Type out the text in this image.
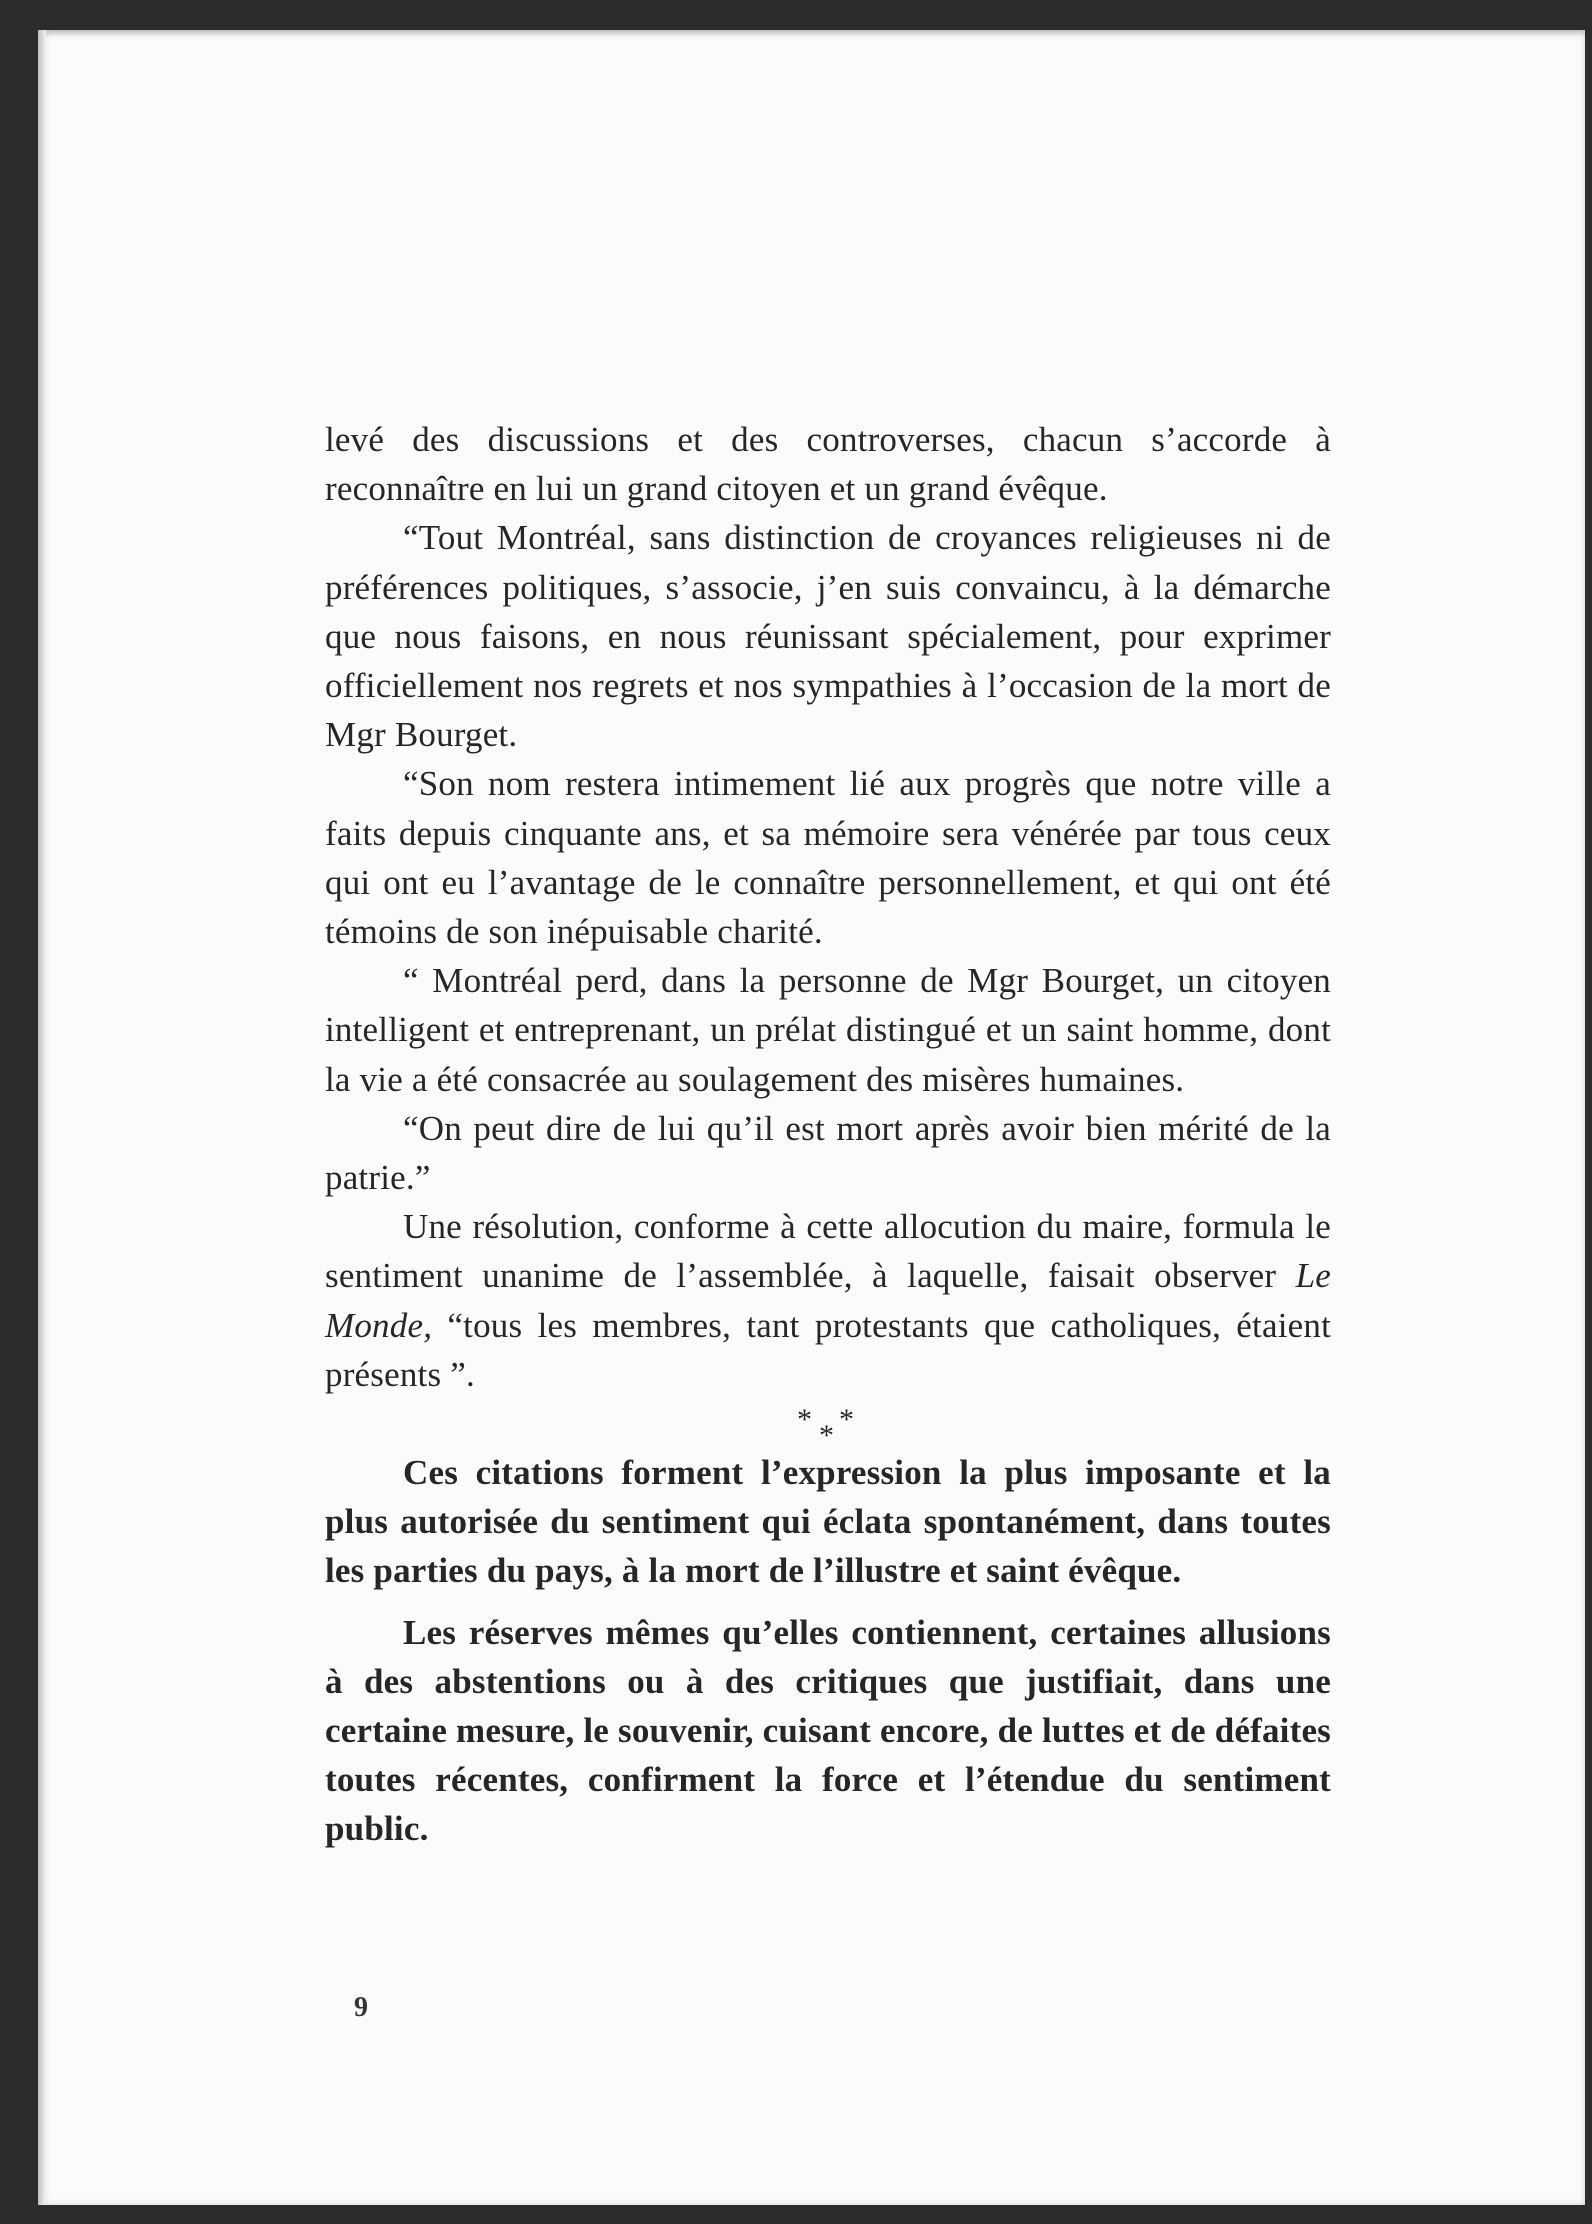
levé des discussions et des controverses, chacun s’accorde à reconnaître en lui un grand citoyen et un grand évêque.

“Tout Montréal, sans distinction de croyances religieuses ni de préférences politiques, s’associe, j’en suis convaincu, à la démarche que nous faisons, en nous réunissant spécialement, pour exprimer officiellement nos regrets et nos sympathies à l’occasion de la mort de Mgr Bourget.

“Son nom restera intimement lié aux progrès que notre ville a faits depuis cinquante ans, et sa mémoire sera vénérée par tous ceux qui ont eu l’avantage de le connaître personnellement, et qui ont été témoins de son inépuisable charité.

“ Montréal perd, dans la personne de Mgr Bourget, un citoyen intelligent et entreprenant, un prélat distingué et un saint homme, dont la vie a été consacrée au soulagement des misères humaines.

“On peut dire de lui qu’il est mort après avoir bien mérité de la patrie.”

Une résolution, conforme à cette allocution du maire, formula le sentiment unanime de l’assemblée, à laquelle, faisait observer Le Monde, “tous les membres, tant protestants que catholiques, étaient présents ”.

* * *

Ces citations forment l’expression la plus imposante et la plus autorisée du sentiment qui éclata spontanément, dans toutes les parties du pays, à la mort de l’illustre et saint évêque.

Les réserves mêmes qu’elles contiennent, certaines allusions à des abstentions ou à des critiques que justifiait, dans une certaine mesure, le souvenir, cuisant encore, de luttes et de défaites toutes récentes, confirment la force et l’étendue du sentiment public.

9
